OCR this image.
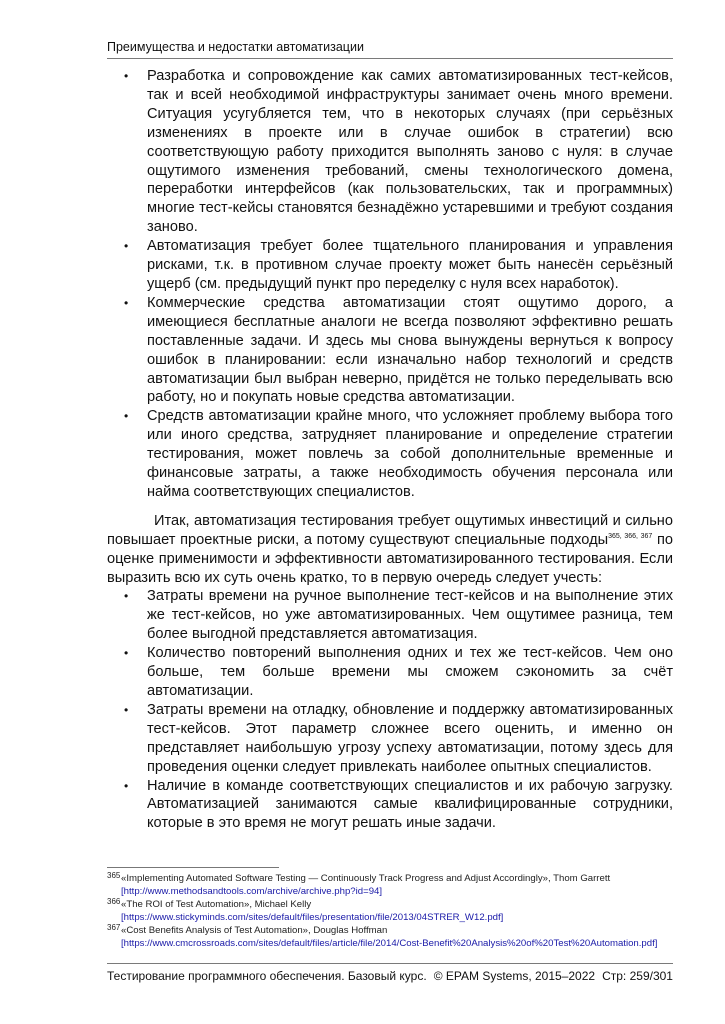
Преимущества и недостатки автоматизации
• Разработка и сопровождение как самих автоматизированных тест-кейсов, так и всей необходимой инфраструктуры занимает очень много времени. Ситуация усугубляется тем, что в некоторых случаях (при серьёзных изменениях в проекте или в случае ошибок в стратегии) всю соответствующую работу приходится выполнять заново с нуля: в случае ощутимого изменения требований, смены технологического домена, переработки интерфейсов (как пользовательских, так и программных) многие тест-кейсы становятся безнадёжно устаревшими и требуют создания заново.
• Автоматизация требует более тщательного планирования и управления рисками, т.к. в противном случае проекту может быть нанесён серьёзный ущерб (см. предыдущий пункт про переделку с нуля всех наработок).
• Коммерческие средства автоматизации стоят ощутимо дорого, а имеющиеся бесплатные аналоги не всегда позволяют эффективно решать поставленные задачи. И здесь мы снова вынуждены вернуться к вопросу ошибок в планировании: если изначально набор технологий и средств автоматизации был выбран неверно, придётся не только переделывать всю работу, но и покупать новые средства автоматизации.
• Средств автоматизации крайне много, что усложняет проблему выбора того или иного средства, затрудняет планирование и определение стратегии тестирования, может повлечь за собой дополнительные временные и финансовые затраты, а также необходимость обучения персонала или найма соответствующих специалистов.

Итак, автоматизация тестирования требует ощутимых инвестиций и сильно повышает проектные риски, а потому существуют специальные подходы$^{365, 366, 367}$ по оценке применимости и эффективности автоматизированного тестирования. Если выразить всю их суть очень кратко, то в первую очередь следует учесть:

• Затраты времени на ручное выполнение тест-кейсов и на выполнение этих же тест-кейсов, но уже автоматизированных. Чем ощутимее разница, тем более выгодной представляется автоматизация.
• Количество повторений выполнения одних и тех же тест-кейсов. Чем оно больше, тем больше времени мы сможем сэкономить за счёт автоматизации.
• Затраты времени на отладку, обновление и поддержку автоматизированных тест-кейсов. Этот параметр сложнее всего оценить, и именно он представляет наибольшую угрозу успеху автоматизации, потому здесь для проведения оценки следует привлекать наиболее опытных специалистов.
• Наличие в команде соответствующих специалистов и их рабочую загрузку. Автоматизацией занимаются самые квалифицированные сотрудники, которые в это время не могут решать иные задачи.
365 «Implementing Automated Software Testing — Continuously Track Progress and Adjust Accordingly», Thom Garrett [http://www.methodsandtools.com/archive/archive.php?id=94]
366 «The ROI of Test Automation», Michael Kelly [https://www.stickyminds.com/sites/default/files/presentation/file/2013/04STRER_W12.pdf]
367 «Cost Benefits Analysis of Test Automation», Douglas Hoffman [https://www.cmcrossroads.com/sites/default/files/article/file/2014/Cost-Benefit%20Analysis%20of%20Test%20Automation.pdf]
Тестирование программного обеспечения. Базовый курс. © EPAM Systems, 2015–2022 Стр: 259/301
